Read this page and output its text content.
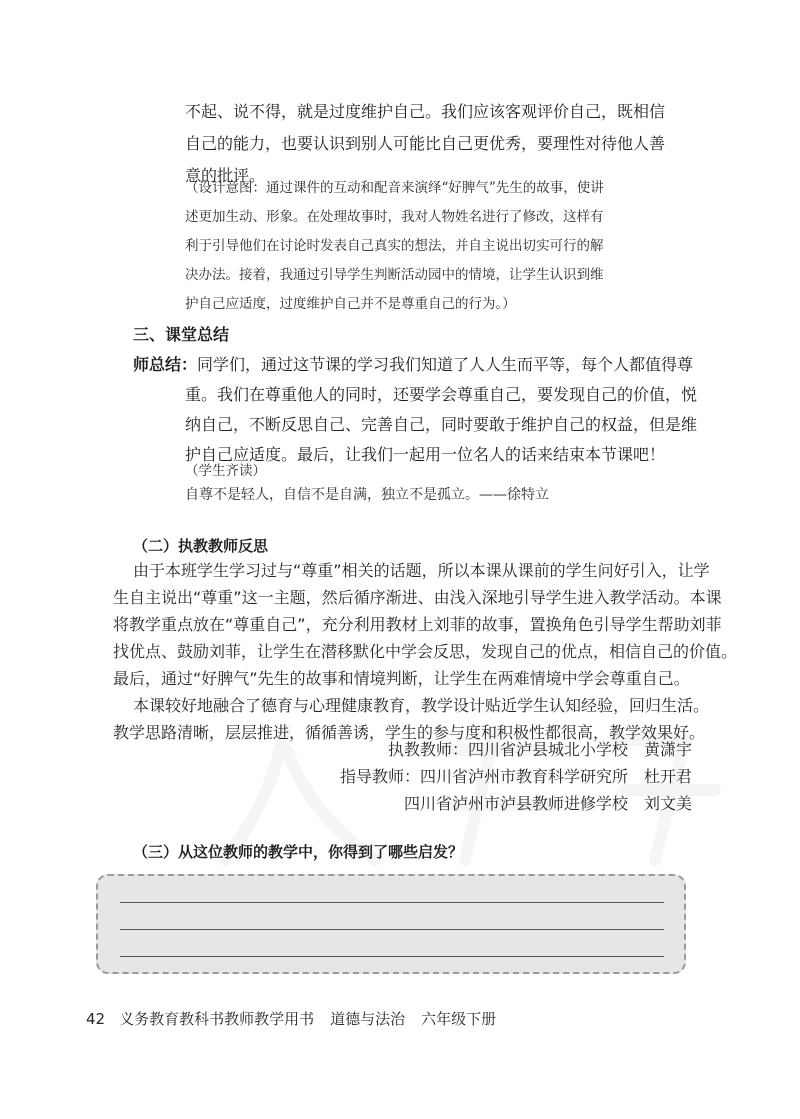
不起、说不得，就是过度维护自己。我们应该客观评价自己，既相信
自己的能力，也要认识到别人可能比自己更优秀，要理性对待他人善
意的批评。
（设计意图：通过课件的互动和配音来演绎“好脾气”先生的故事，使讲
述更加生动、形象。在处理故事时，我对人物姓名进行了修改，这样有
利于引导他们在讨论时发表自己真实的想法，并自主说出切实可行的解
决办法。接着，我通过引导学生判断活动园中的情境，让学生认识到维
护自己应适度，过度维护自己并不是尊重自己的行为。）
三、课堂总结
师总结：同学们，通过这节课的学习我们知道了人人生而平等，每个人都值得尊
重。我们在尊重他人的同时，还要学会尊重自己，要发现自己的价值，悦
纳自己，不断反思自己、完善自己，同时要敢于维护自己的权益，但是维
护自己应适度。最后，让我们一起用一位名人的话来结束本节课吧！
（学生齐读）
自尊不是轻人，自信不是自满，独立不是孤立。——徐特立
（二）执教教师反思
由于本班学生学习过与“尊重”相关的话题，所以本课从课前的学生问好引入，让学
生自主说出“尊重”这一主题，然后循序渐进、由浅入深地引导学生进入教学活动。本课
将教学重点放在“尊重自己”，充分利用教材上刘菲的故事，置换角色引导学生帮助刘菲
找优点、鼓励刘菲，让学生在潜移默化中学会反思，发现自己的优点，相信自己的价值。
最后，通过“好脾气”先生的故事和情境判断，让学生在两难情境中学会尊重自己。
本课较好地融合了德育与心理健康教育，教学设计贴近学生认知经验，回归生活。
教学思路清晰，层层推进，循循善诱，学生的参与度和积极性都很高，教学效果好。
执教教师：四川省泸县城北小学校　黄潇宇
指导教师：四川省泸州市教育科学研究所　杜开君
四川省泸州市泸县教师进修学校　刘文美
（三）从这位教师的教学中，你得到了哪些启发？
42 义务教育教科书教师教学用书 道德与法治 六年级下册
